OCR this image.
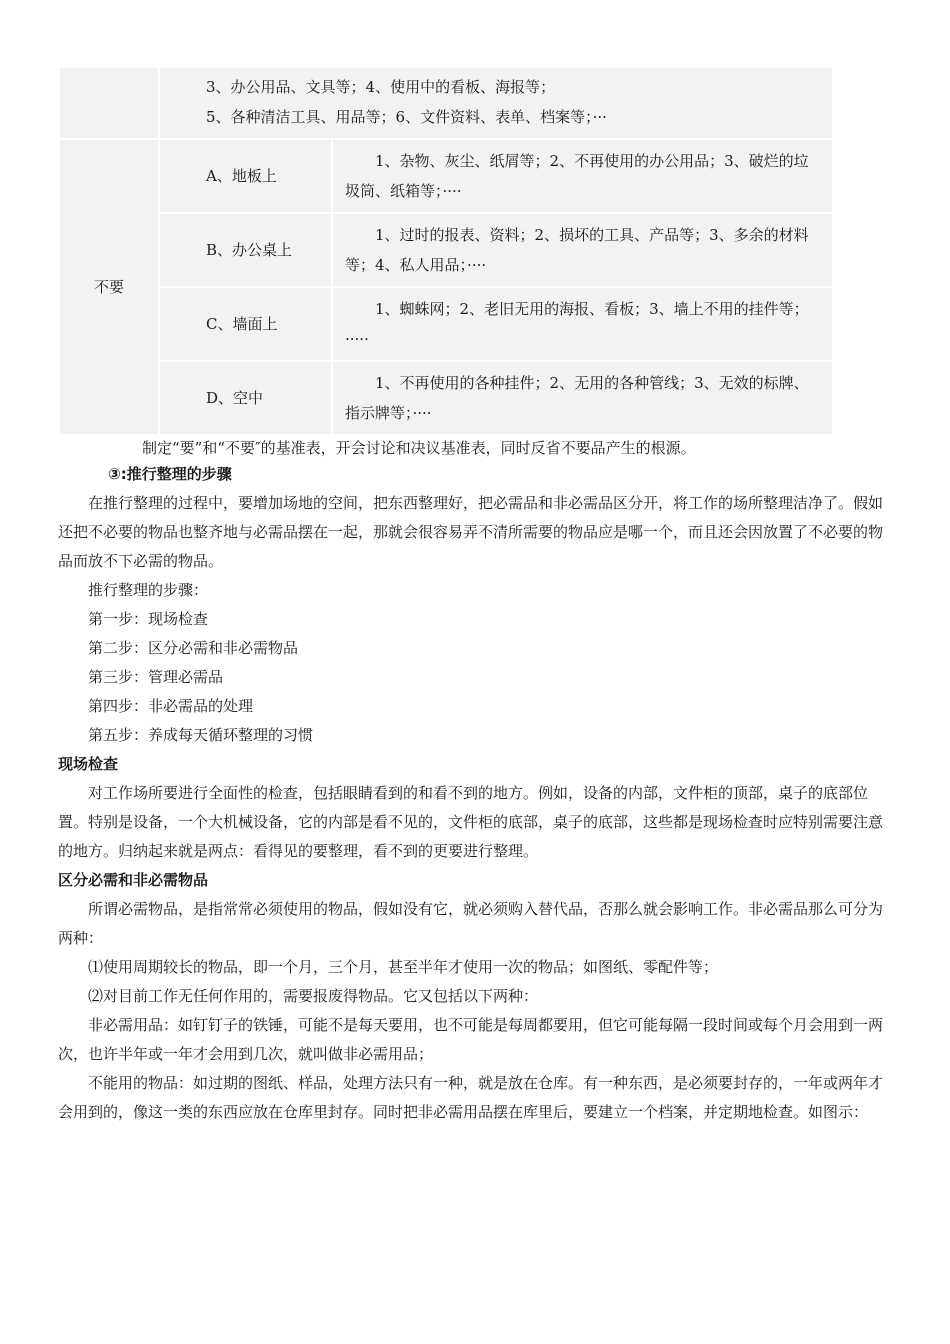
	3、办公用品、文具等；4、使用中的看板、海报等；
5、各种清洁工具、用品等；6、文件资料、表单、档案等；···	

不要	A、地板上	1、杂物、灰尘、纸屑等；2、不再使用的办公用品；3、破烂的垃圾筒、纸箱等；····
	B、办公桌上	1、过时的报表、资料；2、损坏的工具、产品等；3、多余的材料等；4、私人用品；····
	C、墙面上	1、蜘蛛网；2、老旧无用的海报、看板；3、墙上不用的挂件等；·····
	D、空中	1、不再使用的各种挂件；2、无用的各种管线；3、无效的标牌、指示牌等；····

制定“要”和“不要″的基准表，开会讨论和决议基准表，同时反省不要品产生的根源。

③:推行整理的步骤

在推行整理的过程中，要增加场地的空间，把东西整理好，把必需品和非必需品区分开，将工作的场所整理洁净了。假如还把不必要的物品也整齐地与必需品摆在一起，那就会很容易弄不清所需要的物品应是哪一个，而且还会因放置了不必要的物品而放不下必需的物品。

推行整理的步骤：

第一步：现场检查

第二步：区分必需和非必需物品

第三步：管理必需品

第四步：非必需品的处理

第五步：养成每天循环整理的习惯

现场检查

对工作场所要进行全面性的检查，包括眼睛看到的和看不到的地方。例如，设备的内部，文件柜的顶部，桌子的底部位置。特别是设备，一个大机械设备，它的内部是看不见的，文件柜的底部，桌子的底部，这些都是现场检查时应特别需要注意的地方。归纳起来就是两点：看得见的要整理，看不到的更要进行整理。

区分必需和非必需物品

所谓必需物品，是指常常必须使用的物品，假如没有它，就必须购入替代品，否那么就会影响工作。非必需品那么可分为两种：

⑴使用周期较长的物品，即一个月，三个月，甚至半年才使用一次的物品；如图纸、零配件等；

⑵对目前工作无任何作用的，需要报废得物品。它又包括以下两种：

非必需用品：如钉钉子的铁锤，可能不是每天要用，也不可能是每周都要用，但它可能每隔一段时间或每个月会用到一两次，也许半年或一年才会用到几次，就叫做非必需用品；

不能用的物品：如过期的图纸、样品，处理方法只有一种，就是放在仓库。有一种东西，是必须要封存的，一年或两年才会用到的，像这一类的东西应放在仓库里封存。同时把非必需用品摆在库里后，要建立一个档案，并定期地检查。如图示：
